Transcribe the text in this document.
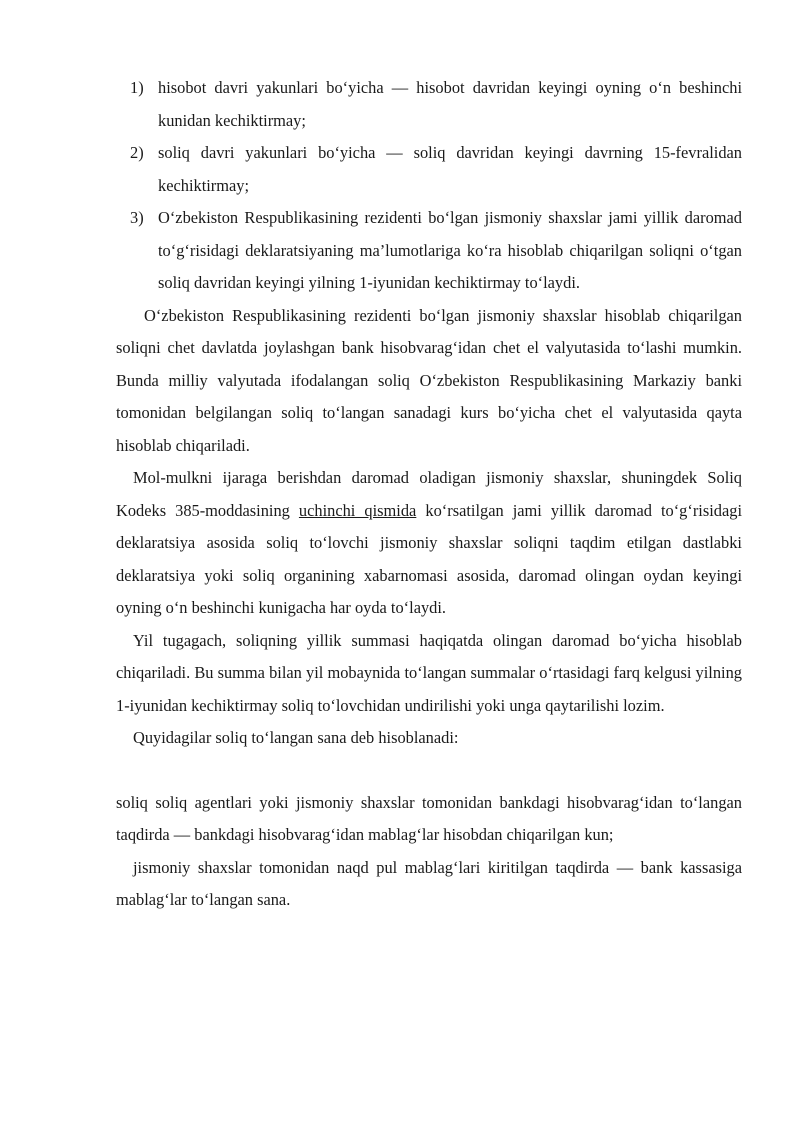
1) hisobot davri yakunlari bo‘yicha — hisobot davridan keyingi oyning o‘n beshinchi kunidan kechiktirmay;
2) soliq davri yakunlari bo‘yicha — soliq davridan keyingi davrning 15-fevralidan kechiktirmay;
3) O‘zbekiston Respublikasining rezidenti bo‘lgan jismoniy shaxslar jami yillik daromad to‘g‘risidagi deklaratsiyaning ma’lumotlariga ko‘ra hisoblab chiqarilgan soliqni o‘tgan soliq davridan keyingi yilning 1-iyunidan kechiktirmay to‘laydi.

O‘zbekiston Respublikasining rezidenti bo‘lgan jismoniy shaxslar hisoblab chiqarilgan soliqni chet davlatda joylashgan bank hisobvarag‘idan chet el valyutasida to‘lashi mumkin. Bunda milliy valyutada ifodalangan soliq O‘zbekiston Respublikasining Markaziy banki tomonidan belgilangan soliq to‘langan sanadagi kurs bo‘yicha chet el valyutasida qayta hisoblab chiqariladi.

Mol-mulkni ijaraga berishdan daromad oladigan jismoniy shaxslar, shuningdek Soliq Kodeks 385-moddasining uchinchi qismida ko‘rsatilgan jami yillik daromad to‘g‘risidagi deklaratsiya asosida soliq to‘lovchi jismoniy shaxslar soliqni taqdim etilgan dastlabki deklaratsiya yoki soliq organining xabarnomasi asosida, daromad olingan oydan keyingi oyning o‘n beshinchi kunigacha har oyda to‘laydi.

Yil tugagach, soliqning yillik summasi haqiqatda olingan daromad bo‘yicha hisoblab chiqariladi. Bu summa bilan yil mobaynida to‘langan summalar o‘rtasidagi farq kelgusi yilning 1-iyunidan kechiktirmay soliq to‘lovchidan undirilishi yoki unga qaytarilishi lozim.

Quyidagilar soliq to‘langan sana deb hisoblanadi:

soliq soliq agentlari yoki jismoniy shaxslar tomonidan bankdagi hisobvarag‘idan to‘langan taqdirda — bankdagi hisobvarag‘idan mablag‘lar hisobdan chiqarilgan kun;

jismoniy shaxslar tomonidan naqd pul mablag‘lari kiritilgan taqdirda — bank kassasiga mablag‘lar to‘langan sana.
